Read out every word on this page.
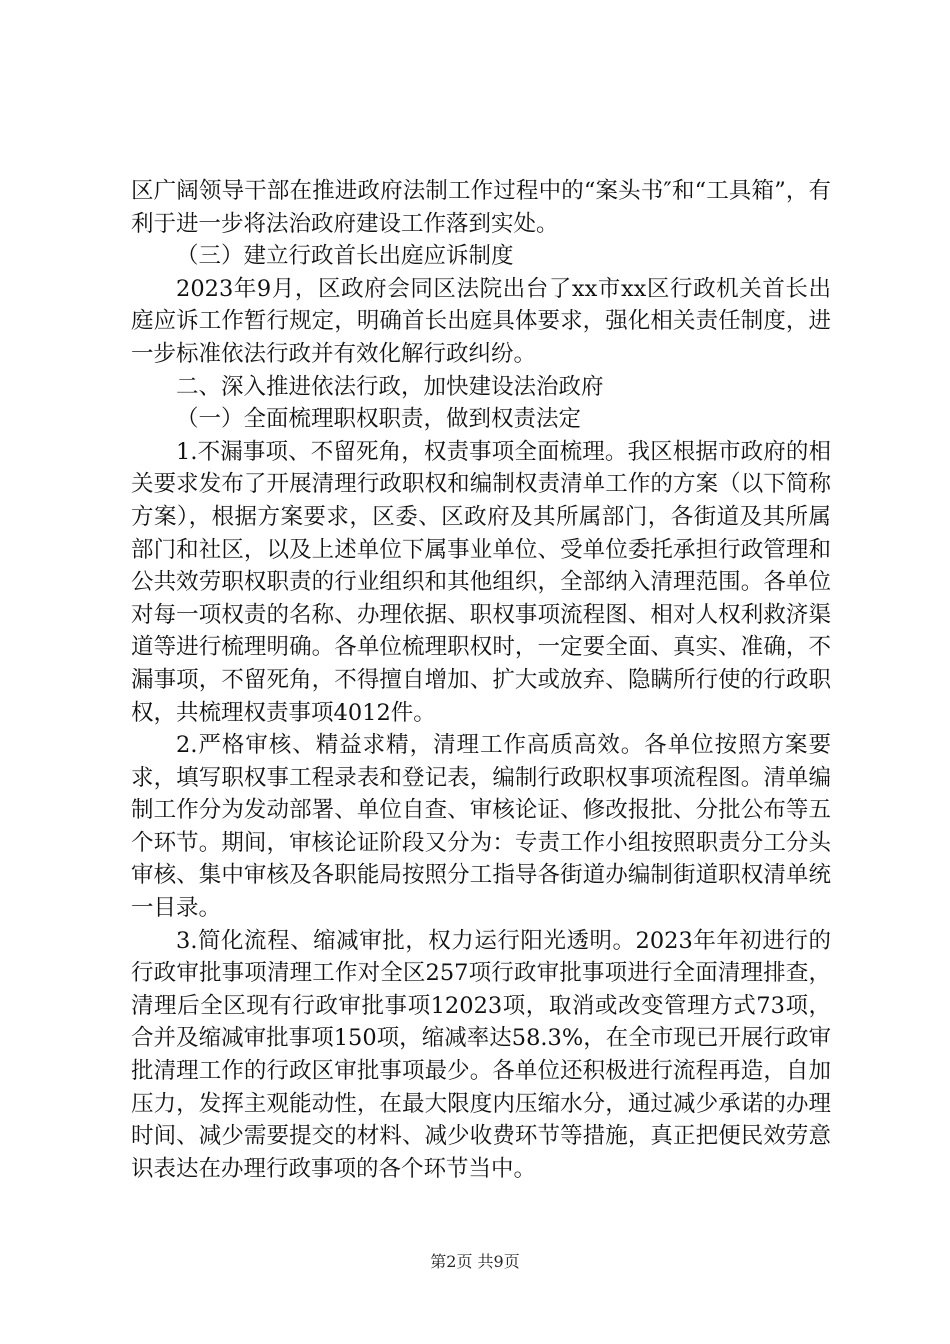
区广阔领导干部在推进政府法制工作过程中的“案头书″和“工具箱”，有利于进一步将法治政府建设工作落到实处。

（三）建立行政首长出庭应诉制度

2023年9月，区政府会同区法院出台了xx市xx区行政机关首长出庭应诉工作暂行规定，明确首长出庭具体要求，强化相关责任制度，进一步标准依法行政并有效化解行政纠纷。

二、深入推进依法行政，加快建设法治政府

（一）全面梳理职权职责，做到权责法定

1.不漏事项、不留死角，权责事项全面梳理。我区根据市政府的相关要求发布了开展清理行政职权和编制权责清单工作的方案（以下简称方案），根据方案要求，区委、区政府及其所属部门，各街道及其所属部门和社区，以及上述单位下属事业单位、受单位委托承担行政管理和公共效劳职权职责的行业组织和其他组织，全部纳入清理范围。各单位对每一项权责的名称、办理依据、职权事项流程图、相对人权利救济渠道等进行梳理明确。各单位梳理职权时，一定要全面、真实、准确，不漏事项，不留死角，不得擅自增加、扩大或放弃、隐瞒所行使的行政职权，共梳理权责事项4012件。

2.严格审核、精益求精，清理工作高质高效。各单位按照方案要求，填写职权事工程录表和登记表，编制行政职权事项流程图。清单编制工作分为发动部署、单位自查、审核论证、修改报批、分批公布等五个环节。期间，审核论证阶段又分为：专责工作小组按照职责分工分头审核、集中审核及各职能局按照分工指导各街道办编制街道职权清单统一目录。

3.简化流程、缩减审批，权力运行阳光透明。2023年年初进行的行政审批事项清理工作对全区257项行政审批事项进行全面清理排查，清理后全区现有行政审批事项12023项，取消或改变管理方式73项，合并及缩减审批事项150项，缩减率达58.3%，在全市现已开展行政审批清理工作的行政区审批事项最少。各单位还积极进行流程再造，自加压力，发挥主观能动性，在最大限度内压缩水分，通过减少承诺的办理时间、减少需要提交的材料、减少收费环节等措施，真正把便民效劳意识表达在办理行政事项的各个环节当中。

第2页 共9页
